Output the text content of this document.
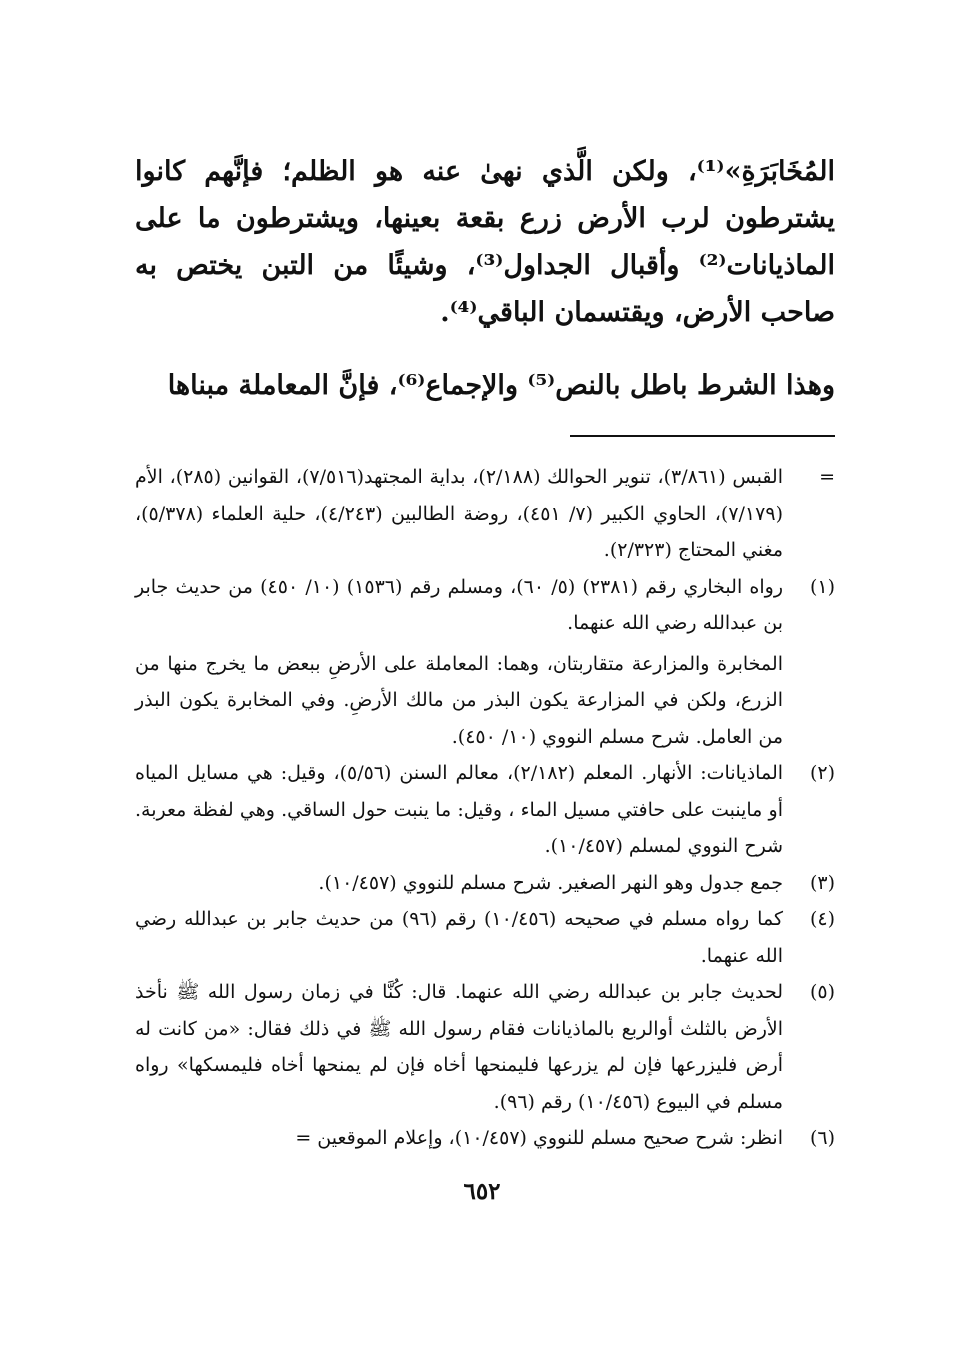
المُخَابَرَةِ»⁽¹⁾، ولكن الَّذي نهىٰ عنه هو الظلم؛ فإنَّهم كانوا يشترطون لرب الأرض زرع بقعة بعينها، ويشترطون ما على الماذيانات⁽²⁾ وأقبال الجداول⁽³⁾، وشيئًا من التبن يختص به صاحب الأرض، ويقتسمان الباقي⁽⁴⁾.

وهذا الشرط باطل بالنص⁽⁵⁾ والإجماع⁽⁶⁾، فإنَّ المعاملة مبناها

=
القبس (٣/٨٦١)، تنوير الحوالك (٢/١٨٨)، بداية المجتهد(٧/٥١٦)، القوانين (٢٨٥)، الأم (٧/١٧٩)، الحاوي الكبير (٧/ ٤٥١)، روضة الطالبين (٤/٢٤٣)، حلية العلماء (٥/٣٧٨)، مغني المحتاج (٢/٣٢٣).
(١)
رواه البخاري رقم (٢٣٨١) (٥/ ٦٠)، ومسلم رقم (١٥٣٦) (١٠/ ٤٥٠) من حديث جابر بن عبدالله رضي الله عنهما.

المخابرة والمزارعة متقاربتان، وهما: المعاملة على الأرضِ ببعض ما يخرج منها من الزرع، ولكن في المزارعة يكون البذر من مالك الأرضِ. وفي المخابرة يكون البذر من العامل. شرح مسلم النووي (١٠/ ٤٥٠).

(٢)
الماذيانات: الأنهار. المعلم (٢/١٨٢)، معالم السنن (٥/٥٦)، وقيل: هي مسايل المياه أو ماينبت على حافتي مسيل الماء ، وقيل: ما ينبت حول الساقي. وهي لفظة معربة. شرح النووي لمسلم (١٠/٤٥٧).
(٣)
جمع جدول وهو النهر الصغير. شرح مسلم للنووي (١٠/٤٥٧).
(٤)
كما رواه مسلم في صحيحه (١٠/٤٥٦) رقم (٩٦) من حديث جابر بن عبدالله رضي الله عنهما.
(٥)
لحديث جابر بن عبدالله رضي الله عنهما. قال: كُنَّا في زمان رسول الله ﷺ نأخذ الأرض بالثلث أوالربع بالماذيانات فقام رسول الله ﷺ في ذلك فقال: «من كانت له أرض فليزرعها فإن لم يزرعها فليمنحها أخاه فإن لم يمنحها أخاه فليمسكها» رواه مسلم في البيوع (١٠/٤٥٦) رقم (٩٦).
(٦)
انظر: شرح صحيح مسلم للنووي (١٠/٤٥٧)، وإعلام الموقعين =
٦٥٢
